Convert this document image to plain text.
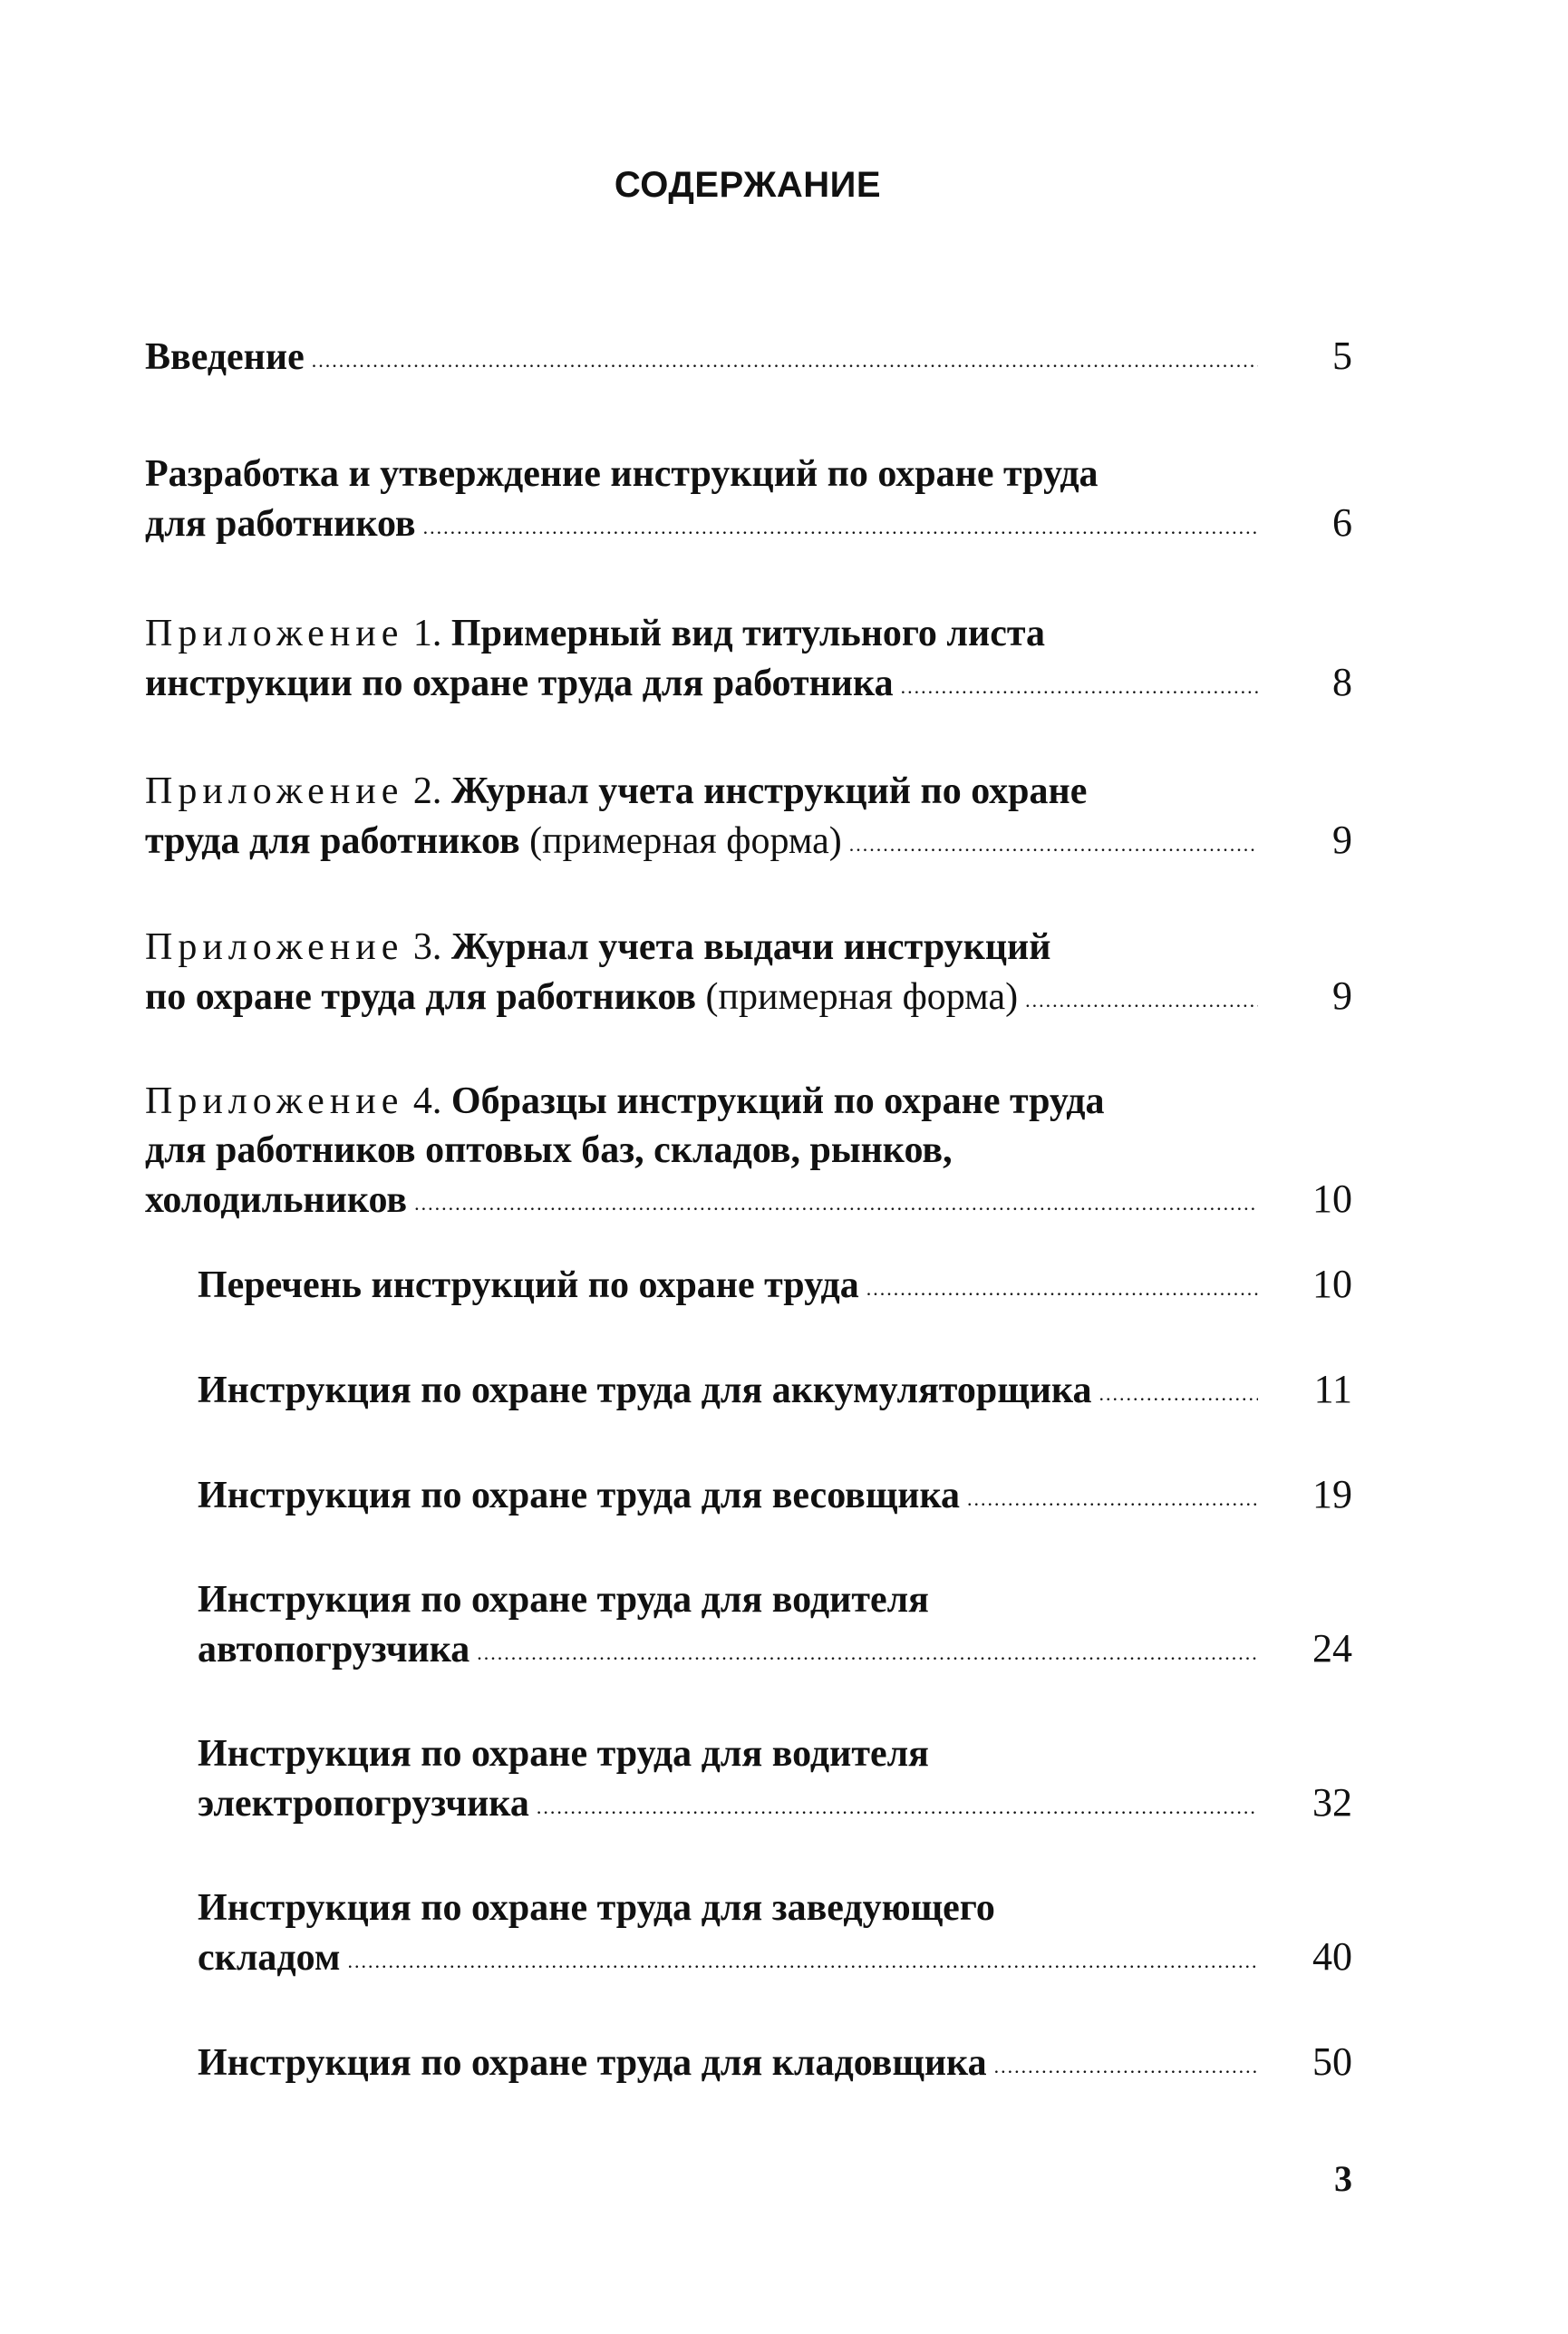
СОДЕРЖАНИЕ
Введение .....	5
Разработка и утверждение инструкций по охране труда
для работников .....	6
Приложение
1.
Примерный вид титульного листа
инструкции по охране труда для работника .....	8
Приложение
2.
Журнал учета инструкций по охране
труда для работников
(примерная форма) .....	9
Приложение
3.
Журнал учета выдачи инструкций
по охране труда для работников
(примерная форма) .....	9
Приложение
4.
Образцы инструкций по охране труда
для работников оптовых баз, складов, рынков,
холодильников .....	10
Перечень инструкций по охране труда .....	10
Инструкция по охране труда для аккумуляторщика .....	11
Инструкция по охране труда для весовщика .....	19
Инструкция по охране труда для водителя
автопогрузчика .....	24
Инструкция по охране труда для водителя
электропогрузчика .....	32
Инструкция по охране труда для заведующего
складом .....	40
Инструкция по охране труда для кладовщика .....	50
3
